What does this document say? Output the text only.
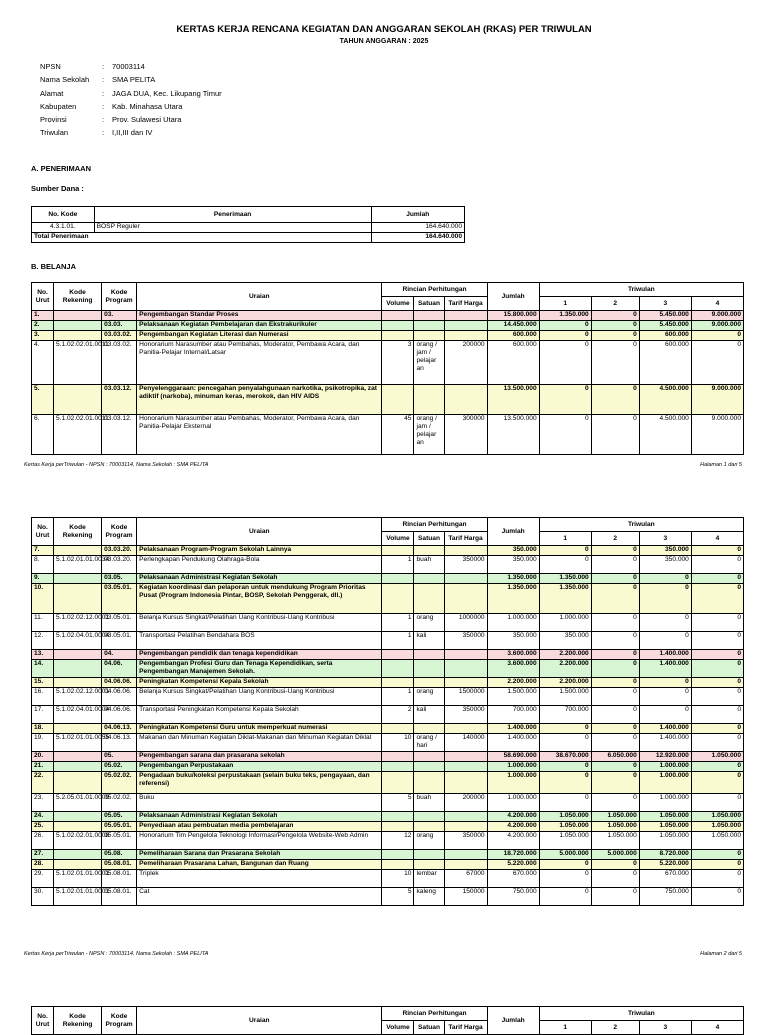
KERTAS KERJA RENCANA KEGIATAN DAN ANGGARAN SEKOLAH (RKAS) PER TRIWULAN
TAHUN ANGGARAN : 2025
NPSN	:	70003114
Nama Sekolah	:	SMA PELITA
Alamat	:	JAGA DUA, Kec. Likupang Timur
Kabupaten	:	Kab. Minahasa Utara
Provinsi	:	Prov. Sulawesi Utara
Triwulan	:	I,II,III dan IV
A. PENERIMAAN
Sumber Dana :
No. Kode	Penerimaan	Jumlah
4.3.1.01.	BOSP Reguler	164.640.000
Total Penerimaan		164.640.000
B. BELANJA
No. Urut	Kode Rekening	Kode Program	Uraian	Rincian Perhitungan			Jumlah	Triwulan			
				Volume	Satuan	Tarif Harga		1	2	3	4
1.		03.	Pengembangan Standar Proses				15.800.000	1.350.000	0	5.450.000	9.000.000
2.		03.03.	Pelaksanaan Kegiatan Pembelajaran dan Ekstrakurikuler				14.450.000	0	0	5.450.000	9.000.000
3.		03.03.02.	Pengembangan Kegiatan Literasi dan Numerasi				600.000	0	0	600.000	0
4.	5.1.02.02.01.0011	03.03.02.	Honorarium Narasumber atau Pembahas, Moderator, Pembawa Acara, dan Panitia-Pelajar Internal/Latsar	3	orang / jam / pelajar an	200000	600.000	0	0	600.000	0
5.		03.03.12.	Penyelenggaraan: pencegahan penyalahgunaan narkotika, psikotropika, zat adiktif (narkoba), minuman keras, merokok, dan HIV AIDS				13.500.000	0	0	4.500.000	9.000.000
6.	5.1.02.02.01.0011	03.03.12.	Honorarium Narasumber atau Pembahas, Moderator, Pembawa Acara, dan Panitia-Pelajar Eksternal	45	orang / jam / pelajar an	300000	13.500.000	0	0	4.500.000	9.000.000
Kertas Kerja perTriwulan - NPSN : 70003114, Nama Sekolah : SMA PELITA	Halaman 1 dari 5
No. Urut	Kode Rekening	Kode Program	Uraian	Rincian Perhitungan			Jumlah	Triwulan			
				Volume	Satuan	Tarif Harga		1	2	3	4
7.		03.03.20.	Pelaksanaan Program-Program Sekolah Lainnya				350.000	0	0	350.000	0
8.	5.1.02.01.01.0034	03.03.20.	Perlengkapan Pendukung Olahraga-Bola	1	buah	350000	350.000	0	0	350.000	0
9.		03.05.	Pelaksanaan Administrasi Kegiatan Sekolah				1.350.000	1.350.000	0	0	0
10.		03.05.01.	Kegiatan koordinasi dan pelaporan untuk mendukung Program Prioritas Pusat (Program Indonesia Pintar, BOSP, Sekolah Penggerak, dll.)				1.350.000	1.350.000	0	0	0
11.	5.1.02.02.12.0001	03.05.01.	Belanja Kursus Singkat/Pelatihan Uang Kontribusi-Uang Kontribusi	1	orang	1000000	1.000.000	1.000.000	0	0	0
12.	5.1.02.04.01.0004	03.05.01.	Transportasi Pelatihan Bendahara BOS	1	kali	350000	350.000	350.000	0	0	0
13.		04.	Pengembangan pendidik dan tenaga kependidikan				3.600.000	2.200.000	0	1.400.000	0
14.		04.06.	Pengembangan Profesi Guru dan Tenaga Kependidikan, serta Pengembangan Manajemen Sekolah.				3.600.000	2.200.000	0	1.400.000	0
15.		04.06.06.	Peningkatan Kompetensi Kepala Sekolah				2.200.000	2.200.000	0	0	0
16.	5.1.02.02.12.0001	04.06.06.	Belanja Kursus Singkat/Pelatihan Uang Kontribusi-Uang Kontribusi	1	orang	1500000	1.500.000	1.500.000	0	0	0
17.	5.1.02.04.01.0004	04.06.06.	Transportasi Peningkatan Kompetensi Kepala Sekolah	2	kali	350000	700.000	700.000	0	0	0
18.		04.06.13.	Peningkatan Kompetensi Guru untuk memperkuat numerasi				1.400.000	0	0	1.400.000	0
19.	5.1.02.01.01.0055	04.06.13.	Makanan dan Minuman Kegiatan Diklat-Makanan dan Minuman Kegiatan Diklat	10	orang / hari	140000	1.400.000	0	0	1.400.000	0
20.		05.	Pengembangan sarana dan prasarana sekolah				58.690.000	38.670.000	6.050.000	12.920.000	1.050.000
21.		05.02.	Pengembangan Perpustakaan				1.000.000	0	0	1.000.000	0
22.		05.02.02.	Pengadaan buku/koleksi perpustakaan (selain buku teks, pengayaan, dan referensi)				1.000.000	0	0	1.000.000	0
23.	5.2.05.01.01.0009	05.02.02.	Buku	5	buah	200000	1.000.000	0	0	1.000.000	0
24.		05.05.	Pelaksanaan Administrasi Kegiatan Sekolah				4.200.000	1.050.000	1.050.000	1.050.000	1.050.000
25.		05.05.01.	Penyediaan atau pembuatan media pembelajaran				4.200.000	1.050.000	1.050.000	1.050.000	1.050.000
26.	5.1.02.02.01.0008	05.05.01.	Honorarium Tim Pengelola Teknologi Informasi/Pengelola Website-Web Admin	12	orang	350000	4.200.000	1.050.000	1.050.000	1.050.000	1.050.000
27.		05.08.	Pemeliharaan Sarana dan Prasarana Sekolah				18.720.000	5.000.000	5.000.000	8.720.000	0
28.		05.08.01.	Pemeliharaan Prasarana Lahan, Bangunan dan Ruang				5.220.000	0	0	5.220.000	0
29.	5.1.02.01.01.0001	05.08.01.	Triplek	10	lembar	67000	670.000	0	0	670.000	0
30.	5.1.02.01.01.0001	05.08.01.	Cat	5	kaleng	150000	750.000	0	0	750.000	0
Kertas Kerja perTriwulan - NPSN : 70003114, Nama Sekolah : SMA PELITA	Halaman 2 dari 5
No. Urut	Kode Rekening	Kode Program	Uraian	Rincian Perhitungan			Jumlah	Triwulan			
				Volume	Satuan	Tarif Harga		1	2	3	4
